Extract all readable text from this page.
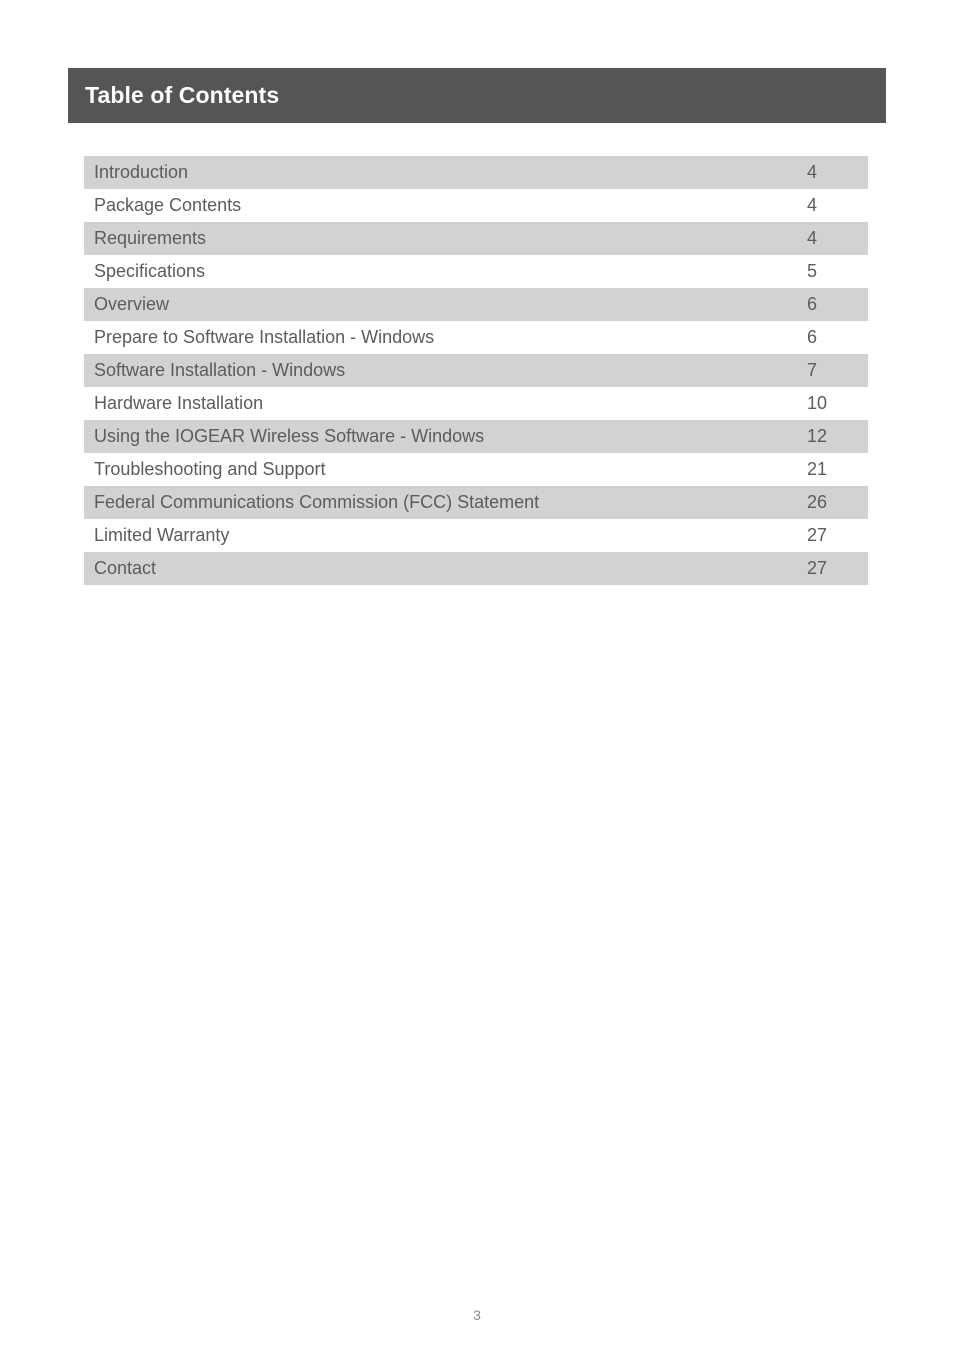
Table of Contents
Introduction	4
Package Contents	4
Requirements	4
Specifications	5
Overview	6
Prepare to Software Installation - Windows	6
Software Installation - Windows	7
Hardware Installation	10
Using the IOGEAR Wireless Software - Windows	12
Troubleshooting and Support	21
Federal Communications Commission (FCC) Statement	26
Limited Warranty	27
Contact	27
3
